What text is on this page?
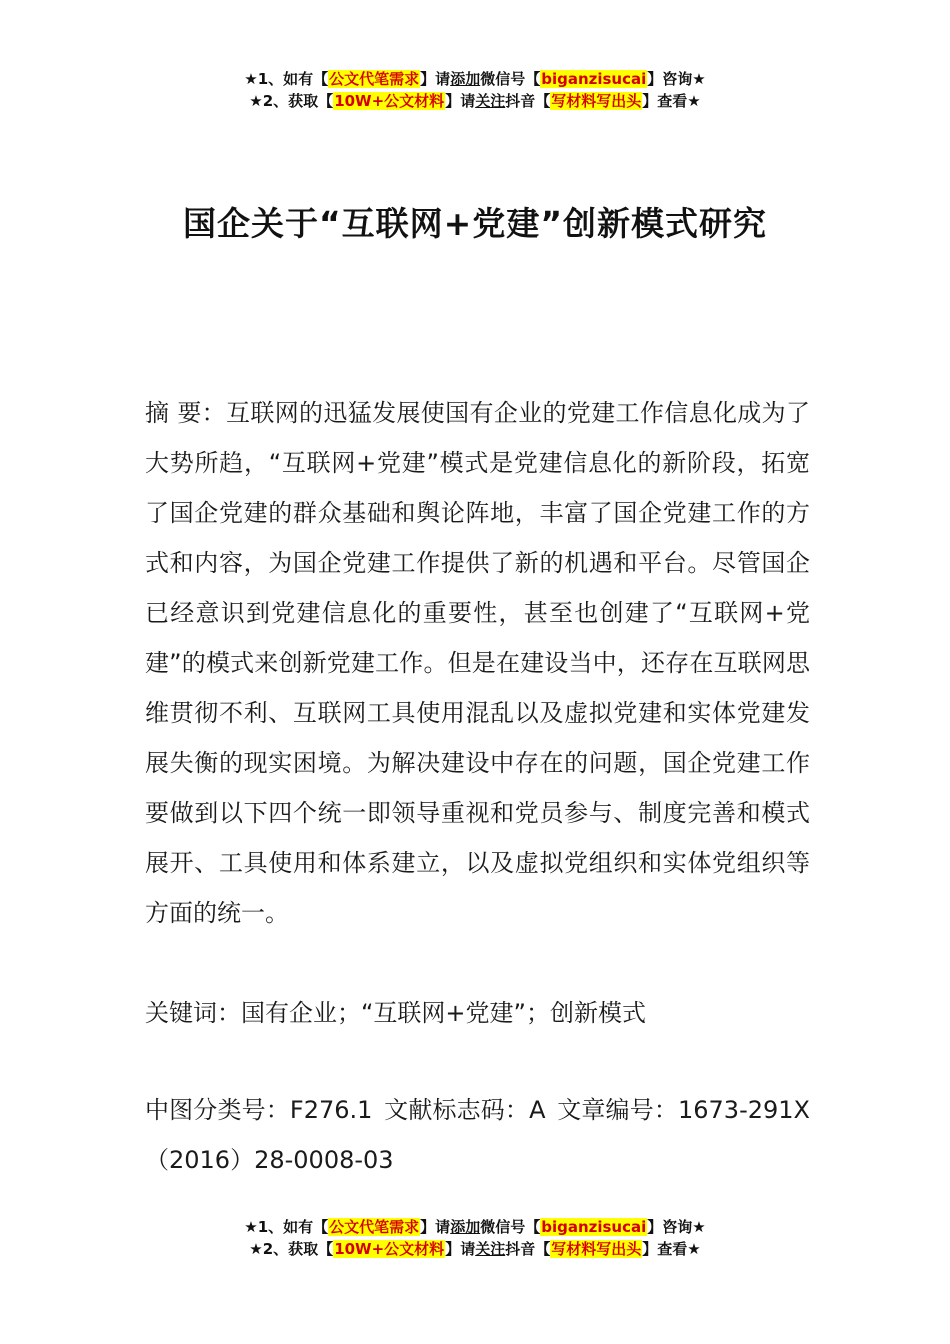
★1、如有【公文代笔需求】请添加微信号【biganzisucai】咨询★
★2、获取【10W+公文材料】请关注抖音【写材料写出头】查看★
国企关于“互联网+党建”创新模式研究

摘 要：互联网的迅猛发展使国有企业的党建工作信息化成为了大势所趋，“互联网+党建”模式是党建信息化的新阶段，拓宽了国企党建的群众基础和舆论阵地，丰富了国企党建工作的方式和内容，为国企党建工作提供了新的机遇和平台。尽管国企已经意识到党建信息化的重要性，甚至也创建了“互联网+党建”的模式来创新党建工作。但是在建设当中，还存在互联网思维贯彻不利、互联网工具使用混乱以及虚拟党建和实体党建发展失衡的现实困境。为解决建设中存在的问题，国企党建工作要做到以下四个统一即领导重视和党员参与、制度完善和模式展开、工具使用和体系建立，以及虚拟党组织和实体党组织等方面的统一。

关键词：国有企业；“互联网+党建”；创新模式

中图分类号：F276.1 文献标志码：A 文章编号：1673-291X（2016）28-0008-03

★1、如有【公文代笔需求】请添加微信号【biganzisucai】咨询★
★2、获取【10W+公文材料】请关注抖音【写材料写出头】查看★
